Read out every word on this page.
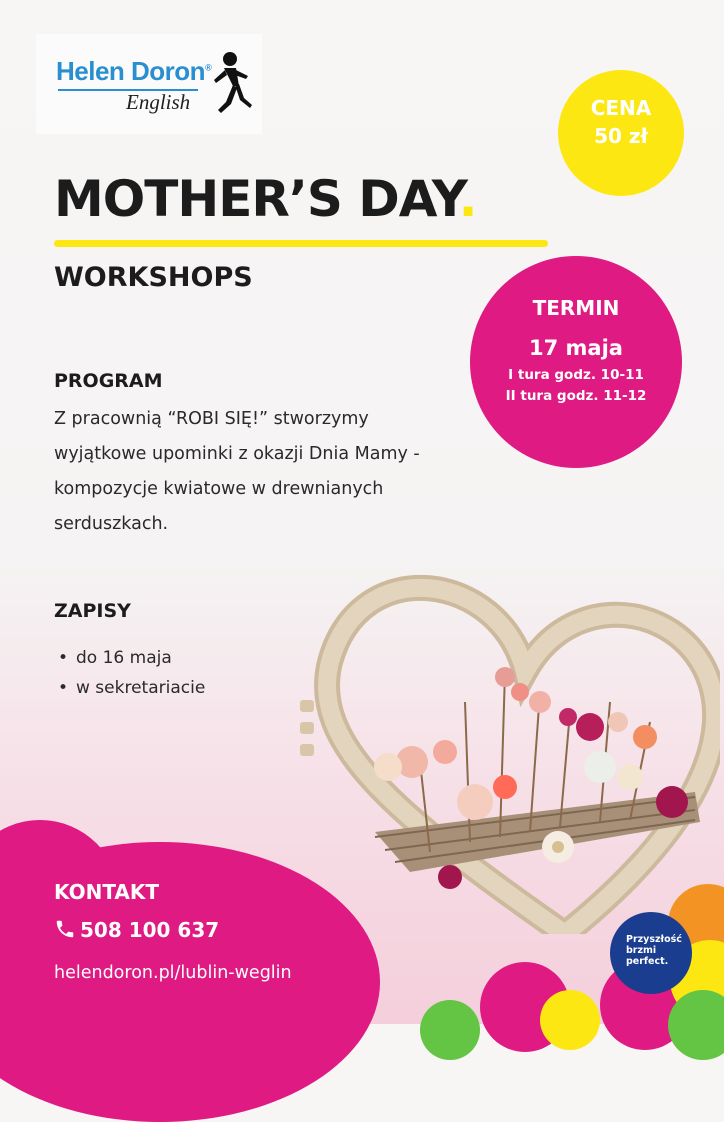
Helen Doron®
English	CENA
50 zł
MOTHER’S DAY.
WORKSHOPS
TERMIN
17 maja
I tura godz. 10-11
II tura godz. 11-12
PROGRAM
Z pracownią “ROBI SIĘ!” stworzymy
wyjątkowe upominki z okazji Dnia Mamy -
kompozycje kwiatowe w drewnianych
serduszkach.
ZAPISY
• do 16 maja
• w sekretariacie
KONTAKT
508 100 637
helendoron.pl/lublin-weglin
Przyszłość
brzmi
perfect.
